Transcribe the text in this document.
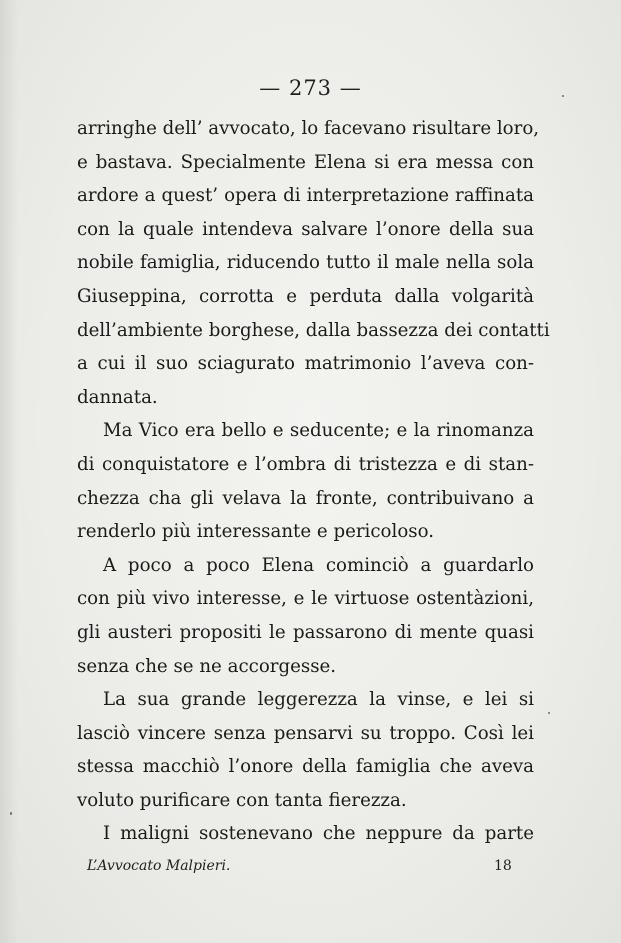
— 273 —
arringhe dell’ avvocato, lo facevano risultare loro,
e bastava. Specialmente Elena si era messa con
ardore a quest’ opera di interpretazione raffinata
con la quale intendeva salvare l’onore della sua
nobile famiglia, riducendo tutto il male nella sola
Giuseppina, corrotta e perduta dalla volgarità
dell’ambiente borghese, dalla bassezza dei contatti
a cui il suo sciagurato matrimonio l’aveva con-
dannata.
Ma Vico era bello e seducente; e la rinomanza
di conquistatore e l’ombra di tristezza e di stan-
chezza cha gli velava la fronte, contribuivano a
renderlo più interessante e pericoloso.
A poco a poco Elena cominciò a guardarlo
con più vivo interesse, e le virtuose ostentàzioni,
gli austeri propositi le passarono di mente quasi
senza che se ne accorgesse.
La sua grande leggerezza la vinse, e lei si
lasciò vincere senza pensarvi su troppo. Così lei
stessa macchiò l’onore della famiglia che aveva
voluto purificare con tanta fierezza.
I maligni sostenevano che neppure da parte
L’Avvocato Malpieri.	18
